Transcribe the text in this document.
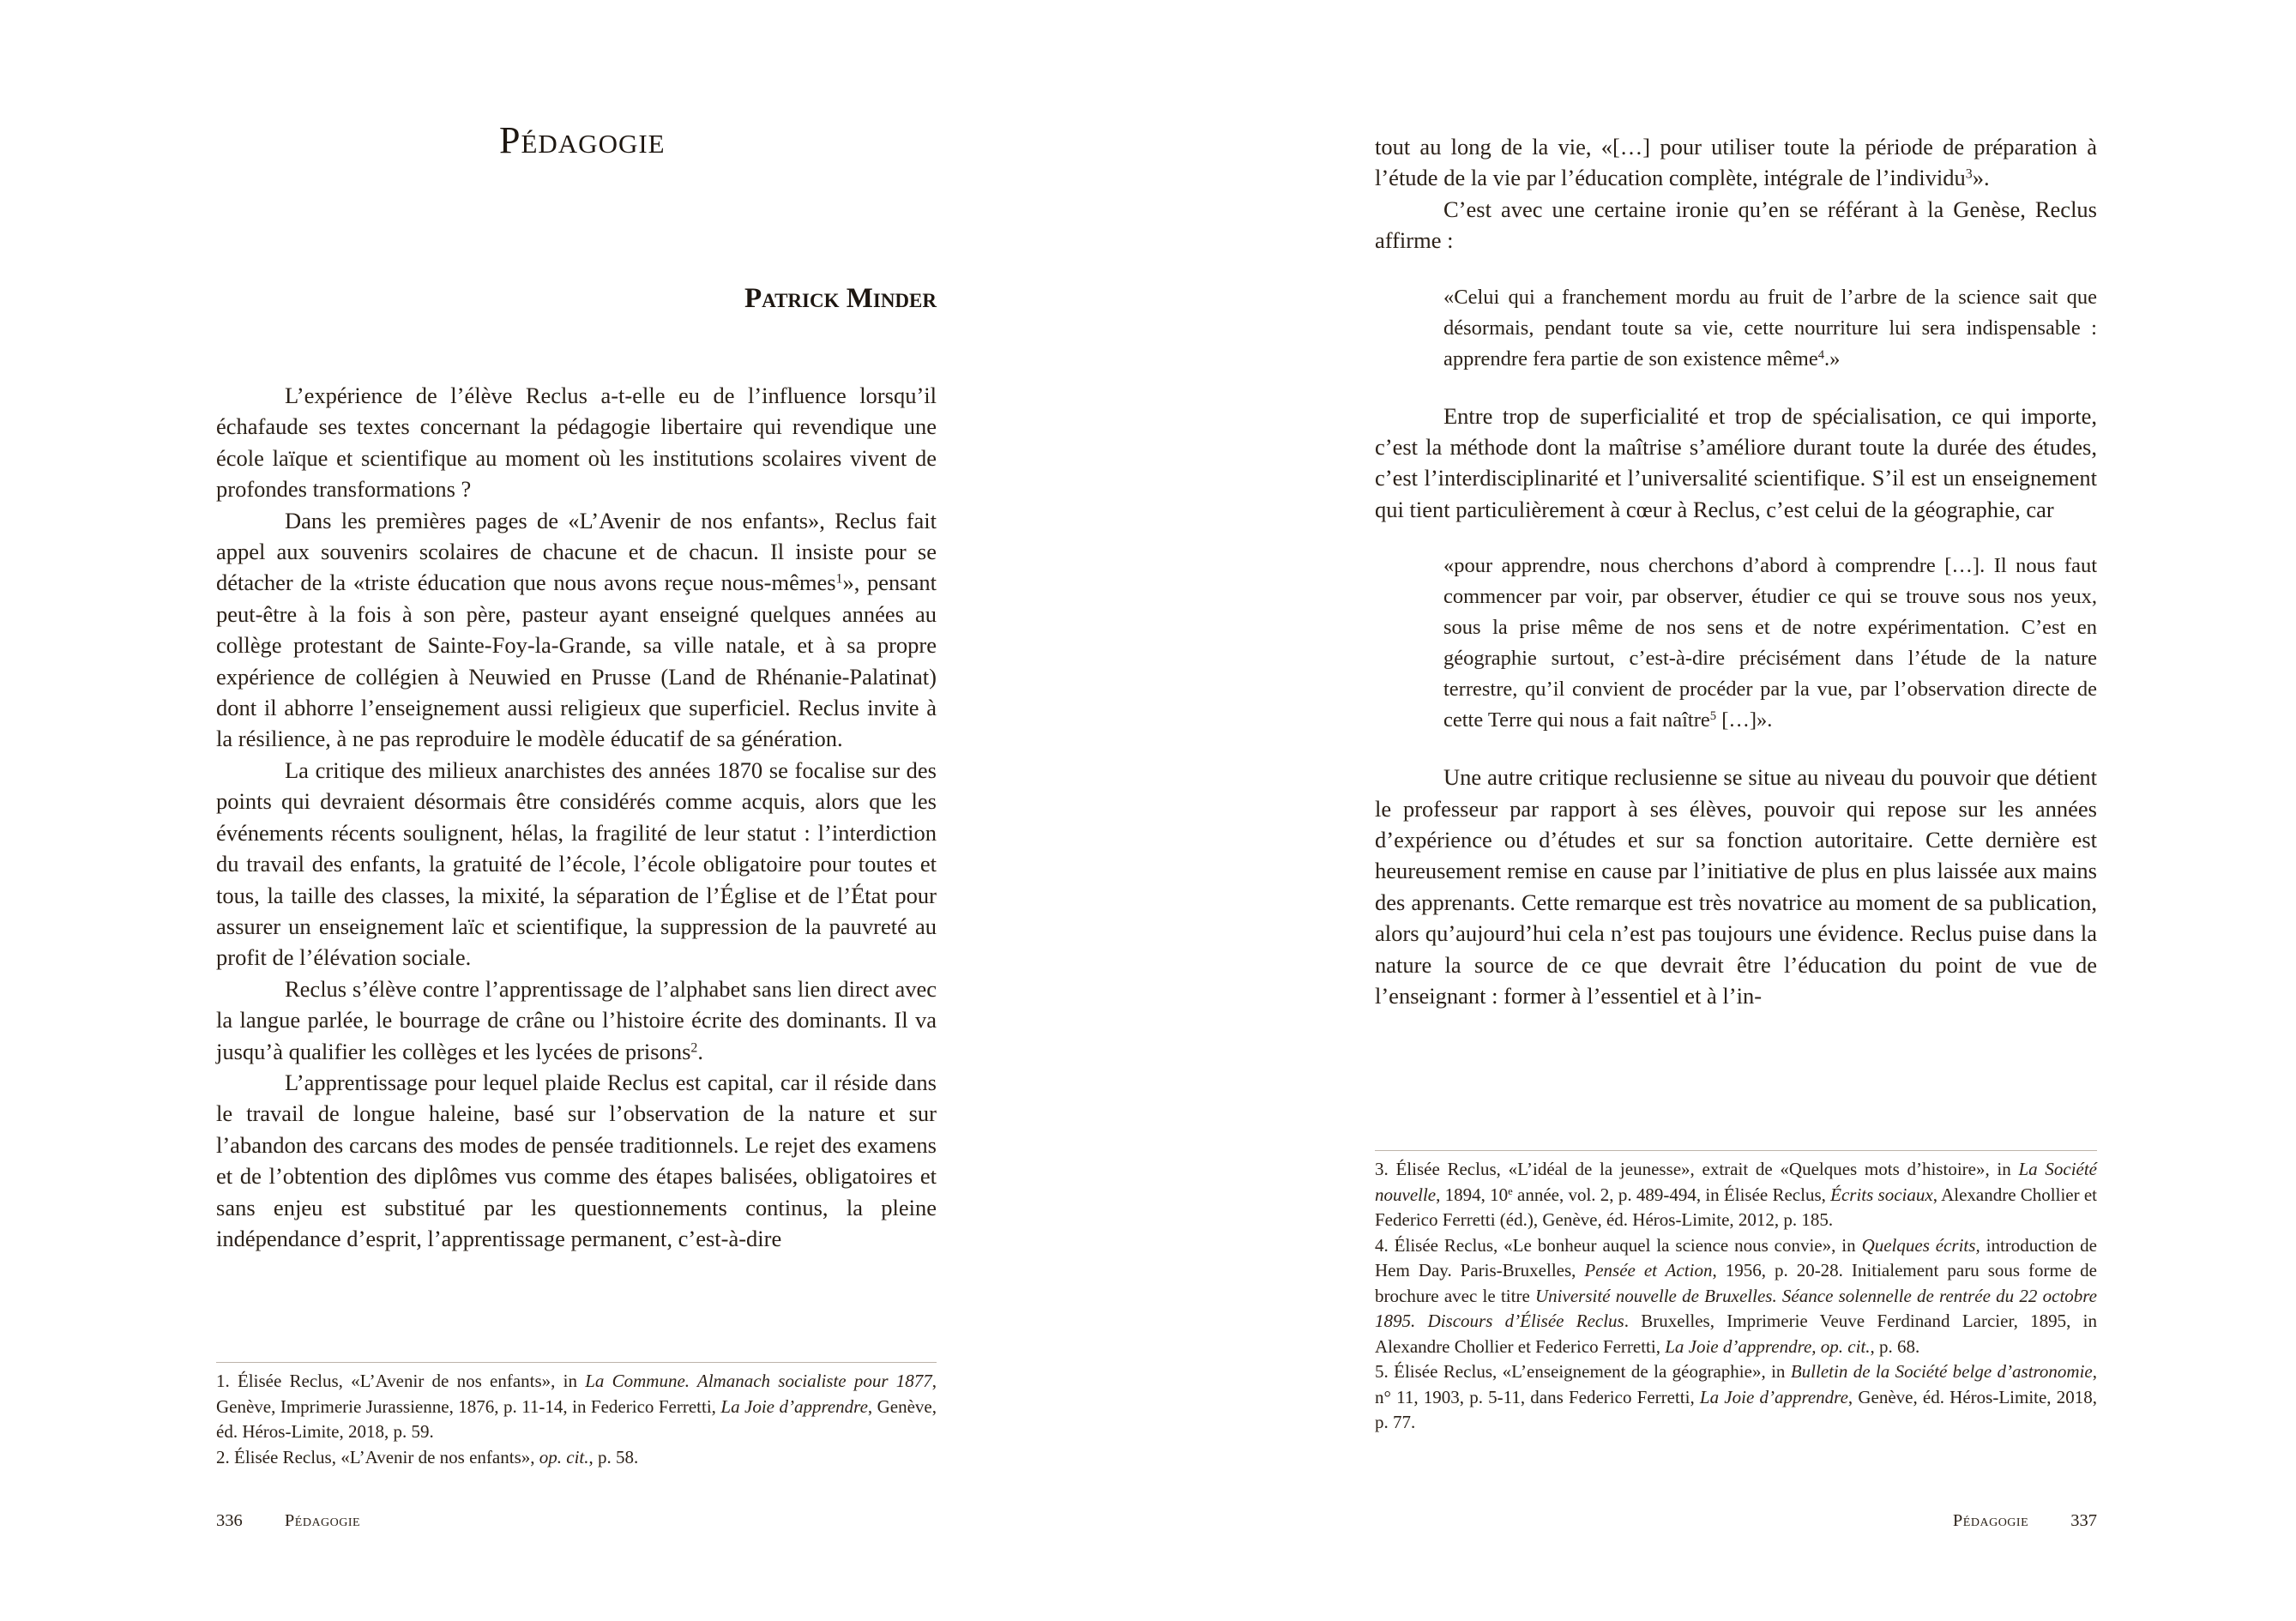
Pédagogie
Patrick Minder

L’expérience de l’élève Reclus a-t-elle eu de l’influence lorsqu’il échafaude ses textes concernant la pédagogie libertaire qui revendique une école laïque et scientifique au moment où les institutions scolaires vivent de profondes transformations ?

Dans les premières pages de «L’Avenir de nos enfants», Reclus fait appel aux souvenirs scolaires de chacune et de chacun. Il insiste pour se détacher de la «triste éducation que nous avons reçue nous-mêmes$^1$», pensant peut-être à la fois à son père, pasteur ayant enseigné quelques années au collège protestant de Sainte-Foy-la-Grande, sa ville natale, et à sa propre expérience de collégien à Neuwied en Prusse (Land de Rhénanie-Palatinat) dont il abhorre l’enseignement aussi religieux que superficiel. Reclus invite à la résilience, à ne pas reproduire le modèle éducatif de sa génération.

La critique des milieux anarchistes des années 1870 se focalise sur des points qui devraient désormais être considérés comme acquis, alors que les événements récents soulignent, hélas, la fragilité de leur statut : l’interdiction du travail des enfants, la gratuité de l’école, l’école obligatoire pour toutes et tous, la taille des classes, la mixité, la séparation de l’Église et de l’État pour assurer un enseignement laïc et scientifique, la suppression de la pauvreté au profit de l’élévation sociale.

Reclus s’élève contre l’apprentissage de l’alphabet sans lien direct avec la langue parlée, le bourrage de crâne ou l’histoire écrite des dominants. Il va jusqu’à qualifier les collèges et les lycées de prisons$^2$.

L’apprentissage pour lequel plaide Reclus est capital, car il réside dans le travail de longue haleine, basé sur l’observation de la nature et sur l’abandon des carcans des modes de pensée traditionnels. Le rejet des examens et de l’obtention des diplômes vus comme des étapes balisées, obligatoires et sans enjeu est substitué par les questionnements continus, la pleine indépendance d’esprit, l’apprentissage permanent, c’est-à-dire

1. Élisée Reclus, «L’Avenir de nos enfants», in La Commune. Almanach socialiste pour 1877, Genève, Imprimerie Jurassienne, 1876, p. 11-14, in Federico Ferretti, La Joie d’apprendre, Genève, éd. Héros-Limite, 2018, p. 59.

2. Élisée Reclus, «L’Avenir de nos enfants», op. cit., p. 58.

336 Pédagogie

tout au long de la vie, «[…] pour utiliser toute la période de préparation à l’étude de la vie par l’éducation complète, intégrale de l’individu$^3$».

C’est avec une certaine ironie qu’en se référant à la Genèse, Reclus affirme :

«Celui qui a franchement mordu au fruit de l’arbre de la science sait que désormais, pendant toute sa vie, cette nourriture lui sera indispensable : apprendre fera partie de son existence même$^4$.»

Entre trop de superficialité et trop de spécialisation, ce qui importe, c’est la méthode dont la maîtrise s’améliore durant toute la durée des études, c’est l’interdisciplinarité et l’universalité scientifique. S’il est un enseignement qui tient particulièrement à cœur à Reclus, c’est celui de la géographie, car

«pour apprendre, nous cherchons d’abord à comprendre […]. Il nous faut commencer par voir, par observer, étudier ce qui se trouve sous nos yeux, sous la prise même de nos sens et de notre expérimentation. C’est en géographie surtout, c’est-à-dire précisément dans l’étude de la nature terrestre, qu’il convient de procéder par la vue, par l’observation directe de cette Terre qui nous a fait naître$^5$ […]».

Une autre critique reclusienne se situe au niveau du pouvoir que détient le professeur par rapport à ses élèves, pouvoir qui repose sur les années d’expérience ou d’études et sur sa fonction autoritaire. Cette dernière est heureusement remise en cause par l’initiative de plus en plus laissée aux mains des apprenants. Cette remarque est très novatrice au moment de sa publication, alors qu’aujourd’hui cela n’est pas toujours une évidence. Reclus puise dans la nature la source de ce que devrait être l’éducation du point de vue de l’enseignant : former à l’essentiel et à l’in-

3. Élisée Reclus, «L’idéal de la jeunesse», extrait de «Quelques mots d’histoire», in La Société nouvelle, 1894, 10e année, vol. 2, p. 489-494, in Élisée Reclus, Écrits sociaux, Alexandre Chollier et Federico Ferretti (éd.), Genève, éd. Héros-Limite, 2012, p. 185.

4. Élisée Reclus, «Le bonheur auquel la science nous convie», in Quelques écrits, introduction de Hem Day. Paris-Bruxelles, Pensée et Action, 1956, p. 20-28. Initialement paru sous forme de brochure avec le titre Université nouvelle de Bruxelles. Séance solennelle de rentrée du 22 octobre 1895. Discours d’Élisée Reclus. Bruxelles, Imprimerie Veuve Ferdinand Larcier, 1895, in Alexandre Chollier et Federico Ferretti, La Joie d’apprendre, op. cit., p. 68.

5. Élisée Reclus, «L’enseignement de la géographie», in Bulletin de la Société belge d’astronomie, n° 11, 1903, p. 5-11, dans Federico Ferretti, La Joie d’apprendre, Genève, éd. Héros-Limite, 2018, p. 77.

Pédagogie 337
